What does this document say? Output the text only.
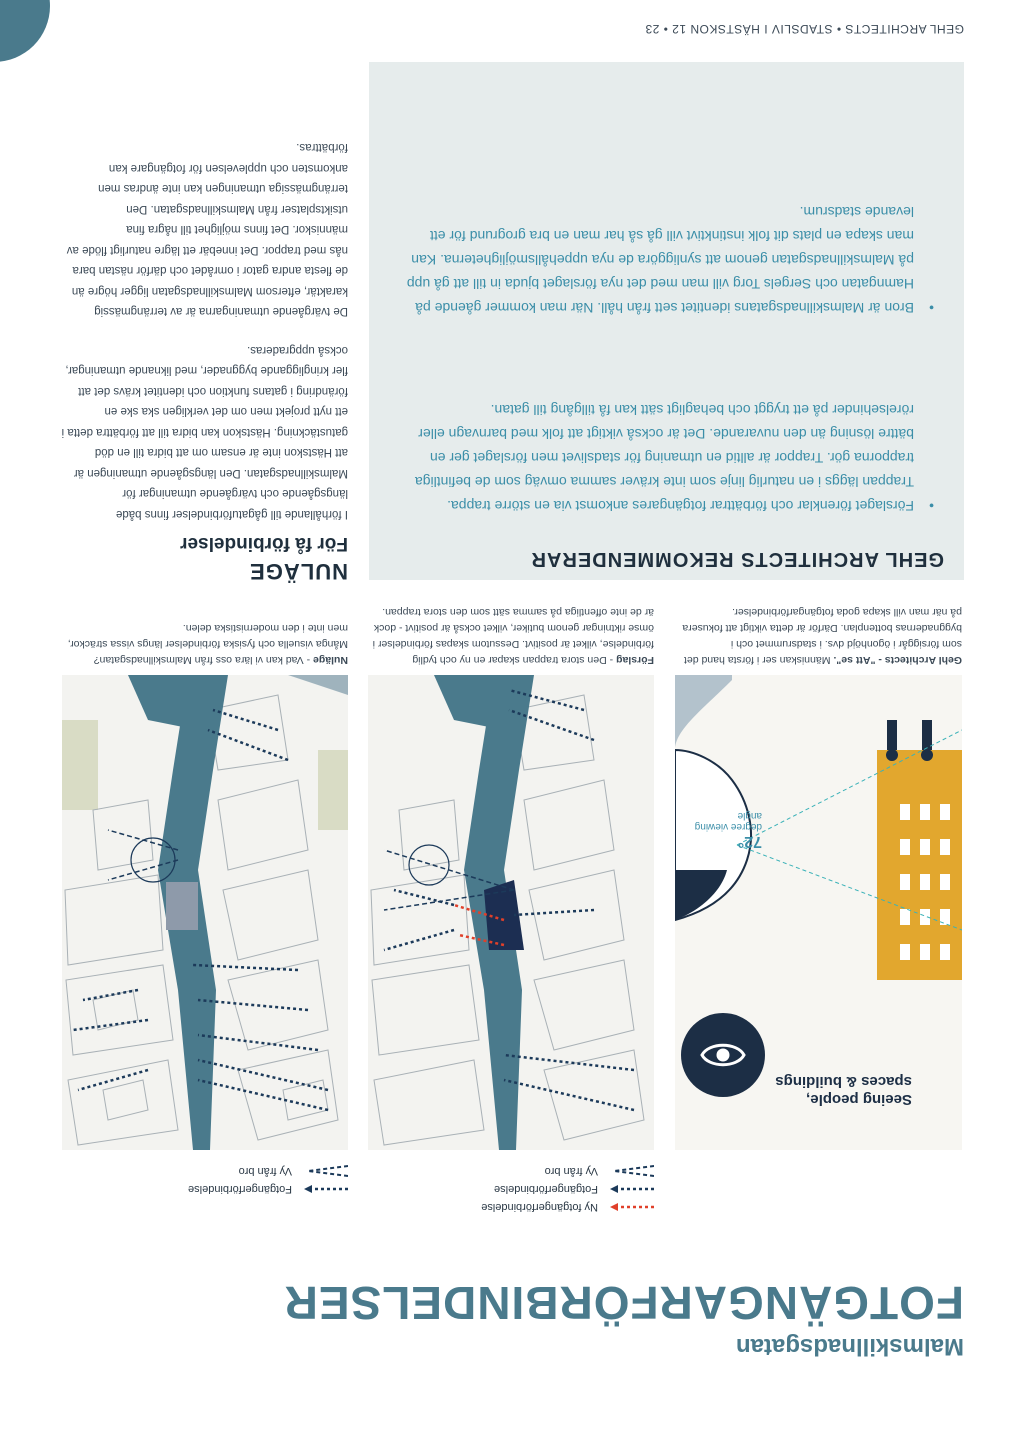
GEHL ARCHITECTS • STADSLIV I HÄSTSKON 12 • 23
Malmskillnadsgatan
FOTGÄNGARFÖRBINDELSER
Fotgängerförbindelse
Vy från bro
Ny fotgängerförbindelse
Fotgängerförbindelse
Vy från bro
Seeing people,
spaces & buildings
72°
degree viewing
angle
Nuläge - Vad kan vi lära oss från Malmskillnadsgatan? Många visuella och fysiska förbindelser längs vissa sträckor, men inte i den modernistiska delen.
Förslag - Den stora trappan skapar en ny och tydlig förbindelse, vilket är positivt. Dessutom skapas förbindelser i ömse riktningar genom butiker, vilket också är positivt - dock är de inte offentliga på samma sätt som den stora trappan.
Gehl Architects - "Att se". Människan ser i första hand det som försiggår i ögonhöjd dvs. i stadsrummet och i byggnadernas bottenplan. Därför är detta viktigt att fokusera på när man vill skapa goda fotgängarförbindelser.
GEHL ARCHITECTS REKOMMENDERAR
•
Förslaget förenklar och förbättrar fotgängares ankomst via en större trappa. Trappan läggs i en naturlig linje som inte kräver samma omväg som de befintliga trapporna gör. Trappor är alltid en utmaning för stadslivet men förslaget ger en bättre lösning än den nuvarande. Det är också viktigt att folk med barnvagn eller rörelsehinder på ett tryggt och behagligt sätt kan få tillgång till gatan.
•
Bron är Malmskillnadsgatans identitet sett från håll. När man kommer gående på Hamngatan och Sergels Torg vill man med det nya förslaget bjuda in till att gå upp på Malmskillnadsgatan genom att synliggöra de nya uppehållsmöjligheterna. Kan man skapa en plats dit folk instinktivt vill gå så har man en bra grogrund för ett levande stadsrum.
NULÄGE
För få förbindelser

I förhållande till gågatuförbindelser finns både längsgående och tvärgående utmaningar för Malmskillnadsgatan. Den längsgående utmaningen är att Hästskon inte är ensam om att bidra till en död gatustäckning. Hästskon kan bidra till att förbättra detta i ett nytt projekt men om det verkligen ska ske en förändring i gatans funktion och identitet krävs det att fler kringliggande byggnader, med liknande utmaningar, också uppgraderas.

De tvärgående utmaningarna är av terrängmässig karaktär, eftersom Malmskillnadsgatan ligger högre än de flesta andra gator i området och därför nästan bara nås med trappor. Det innebär ett lägre naturligt flöde av människor. Det finns möjlighet till några fina utsiktsplatser från Malmskillnadsgatan. Den terrängmässiga utmaningen kan inte ändras men ankomsten och upplevelsen för fotgängare kan förbättras.
